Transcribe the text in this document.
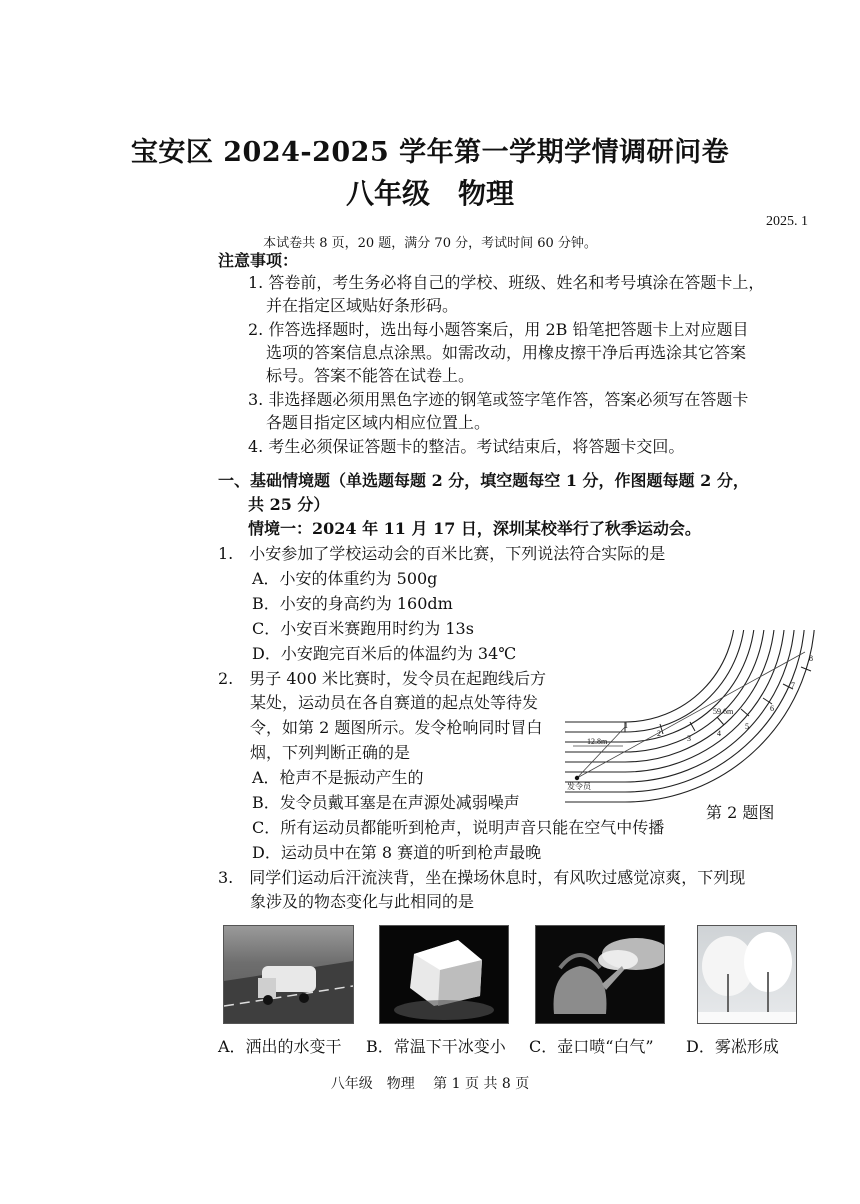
宝安区 2024-2025 学年第一学期学情调研问卷
八年级　物理
2025. 1
本试卷共 8 页，20 题，满分 70 分，考试时间 60 分钟。
注意事项：
1. 答卷前，考生务必将自己的学校、班级、姓名和考号填涂在答题卡上，
并在指定区域贴好条形码。
2. 作答选择题时，选出每小题答案后，用 2B 铅笔把答题卡上对应题目
选项的答案信息点涂黑。如需改动，用橡皮擦干净后再选涂其它答案
标号。答案不能答在试卷上。
3. 非选择题必须用黑色字迹的钢笔或签字笔作答，答案必须写在答题卡
各题目指定区域内相应位置上。
4. 考生必须保证答题卡的整洁。考试结束后，将答题卡交回。
一、基础情境题（单选题每题 2 分，填空题每空 1 分，作图题每题 2 分，
共 25 分）
情境一：2024 年 11 月 17 日，深圳某校举行了秋季运动会。
1.　小安参加了学校运动会的百米比赛，下列说法符合实际的是
A．小安的体重约为 500g
B．小安的身高约为 160dm
C．小安百米赛跑用时约为 13s
D．小安跑完百米后的体温约为 34℃
2.　男子 400 米比赛时，发令员在起跑线后方
某处，运动员在各自赛道的起点处等待发
令，如第 2 题图所示。发令枪响同时冒白
烟，下列判断正确的是
A．枪声不是振动产生的
B．发令员戴耳塞是在声源处减弱噪声
C．所有运动员都能听到枪声，说明声音只能在空气中传播
D．运动员中在第 8 赛道的听到枪声最晚
12.8m
59.6m
发令员
1
2
3
4
5
6
7
8
第 2 题图
3.　同学们运动后汗流浃背，坐在操场休息时，有风吹过感觉凉爽，下列现
象涉及的物态变化与此相同的是
A．洒出的水变干 B．常温下干冰变小 C．壶口喷“白气” D．雾凇形成
八年级　物理　 第 1 页 共 8 页
